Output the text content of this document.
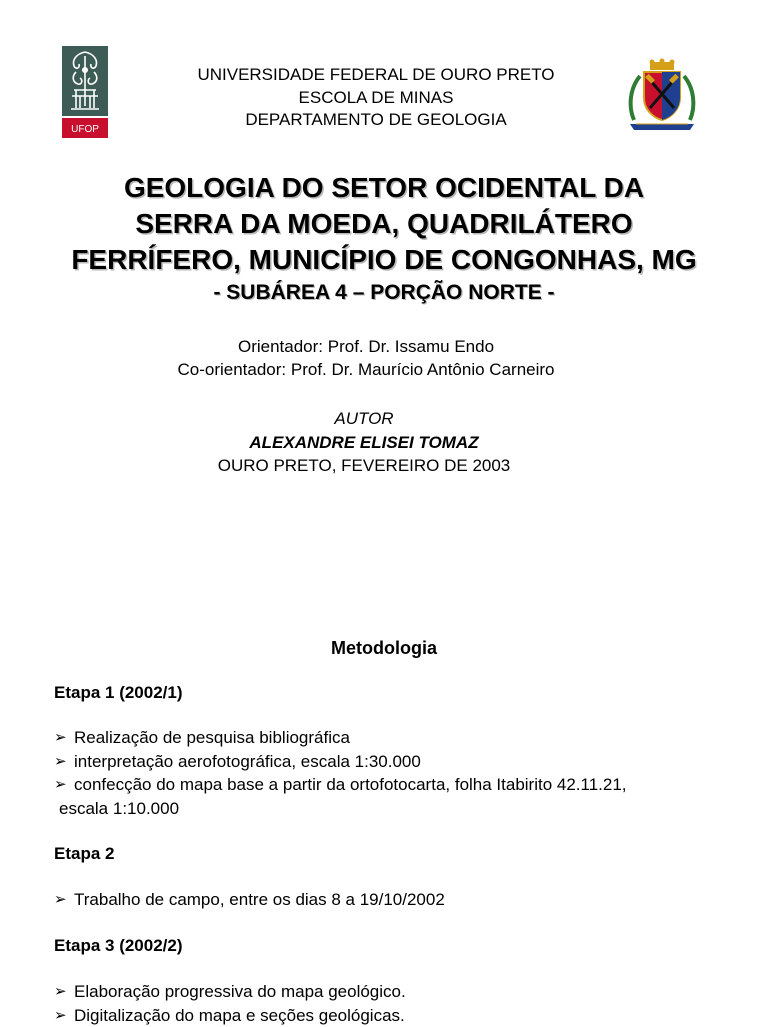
UFOP
UNIVERSIDADE FEDERAL DE OURO PRETO
ESCOLA DE MINAS
DEPARTAMENTO DE GEOLOGIA
GEOLOGIA DO SETOR OCIDENTAL DA
SERRA DA MOEDA, QUADRILÁTERO
FERRÍFERO, MUNICÍPIO DE CONGONHAS, MG
- SUBÁREA 4 – PORÇÃO NORTE -
Orientador: Prof. Dr. Issamu Endo
Co-orientador: Prof. Dr. Maurício Antônio Carneiro
AUTOR
ALEXANDRE ELISEI TOMAZ
OURO PRETO, FEVEREIRO DE 2003
Metodologia
Etapa 1 (2002/1)
➢ Realização de pesquisa bibliográfica
➢ interpretação aerofotográfica, escala 1:30.000
➢ confecção do mapa base a partir da ortofotocarta, folha Itabirito 42.11.21,
escala 1:10.000
Etapa 2
➢ Trabalho de campo, entre os dias 8 a 19/10/2002
Etapa 3 (2002/2)
➢ Elaboração progressiva do mapa geológico.
➢ Digitalização do mapa e seções geológicas.
